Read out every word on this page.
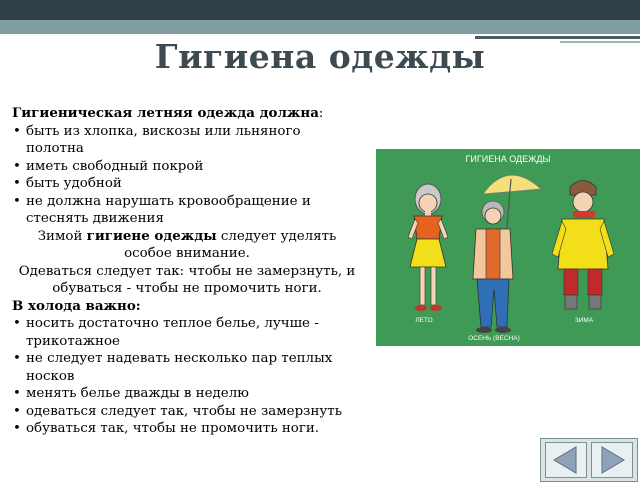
Гигиена одежды

Гигиеническая летняя одежда должна:

• быть из хлопка, вискозы или льняного полотна
• иметь свободный покрой
• быть удобной
• не должна нарушать кровообращение и стеснять движения

Зимой гигиене одежды следует уделять особое внимание.

Одеваться следует так: чтобы не замерзнуть, и обуваться - чтобы не промочить ноги.

В холода важно:

• носить достаточно теплое белье, лучше - трикотажное
• не следует надевать несколько пар теплых носков
• менять белье дважды в неделю
• одеваться следует так, чтобы не замерзнуть
• обуваться так, чтобы не промочить ноги.
ГИГИЕНА ОДЕЖДЫ
ЛЕТО	ЗИМА
ОСЕНЬ (ВЕСНА)
